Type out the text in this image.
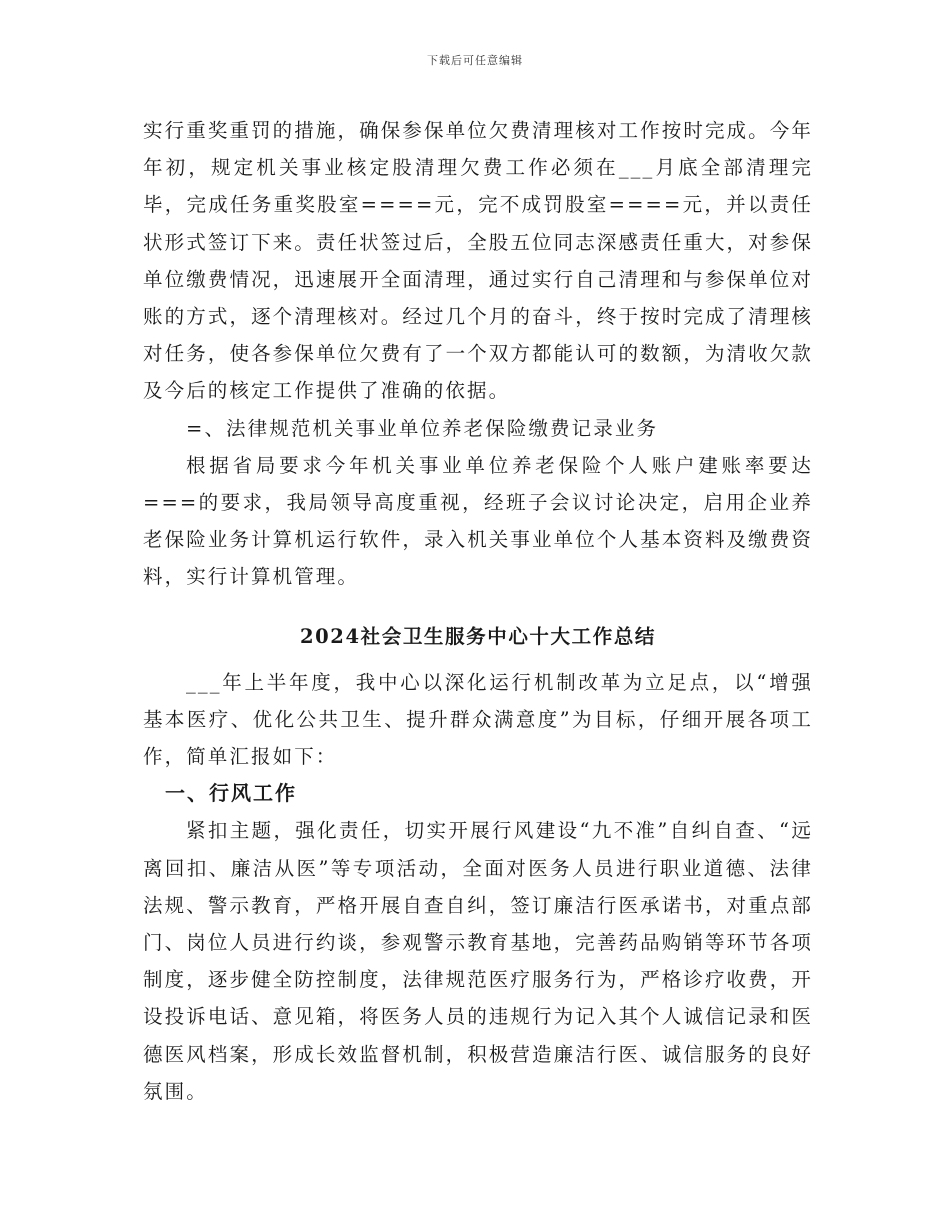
下载后可任意编辑

实行重奖重罚的措施，确保参保单位欠费清理核对工作按时完成。今年年初，规定机关事业核定股清理欠费工作必须在___月底全部清理完毕，完成任务重奖股室====元，完不成罚股室====元，并以责任状形式签订下来。责任状签过后，全股五位同志深感责任重大，对参保单位缴费情况，迅速展开全面清理，通过实行自己清理和与参保单位对账的方式，逐个清理核对。经过几个月的奋斗，终于按时完成了清理核对任务，使各参保单位欠费有了一个双方都能认可的数额，为清收欠款及今后的核定工作提供了准确的依据。

=、法律规范机关事业单位养老保险缴费记录业务

根据省局要求今年机关事业单位养老保险个人账户建账率要达===的要求，我局领导高度重视，经班子会议讨论决定，启用企业养老保险业务计算机运行软件，录入机关事业单位个人基本资料及缴费资料，实行计算机管理。

2024社会卫生服务中心十大工作总结

___年上半年度，我中心以深化运行机制改革为立足点，以“增强基本医疗、优化公共卫生、提升群众满意度”为目标，仔细开展各项工作，简单汇报如下：

一、行风工作

紧扣主题，强化责任，切实开展行风建设“九不准”自纠自查、“远离回扣、廉洁从医”等专项活动，全面对医务人员进行职业道德、法律法规、警示教育，严格开展自查自纠，签订廉洁行医承诺书，对重点部门、岗位人员进行约谈，参观警示教育基地，完善药品购销等环节各项制度，逐步健全防控制度，法律规范医疗服务行为，严格诊疗收费，开设投诉电话、意见箱，将医务人员的违规行为记入其个人诚信记录和医德医风档案，形成长效监督机制，积极营造廉洁行医、诚信服务的良好氛围。
